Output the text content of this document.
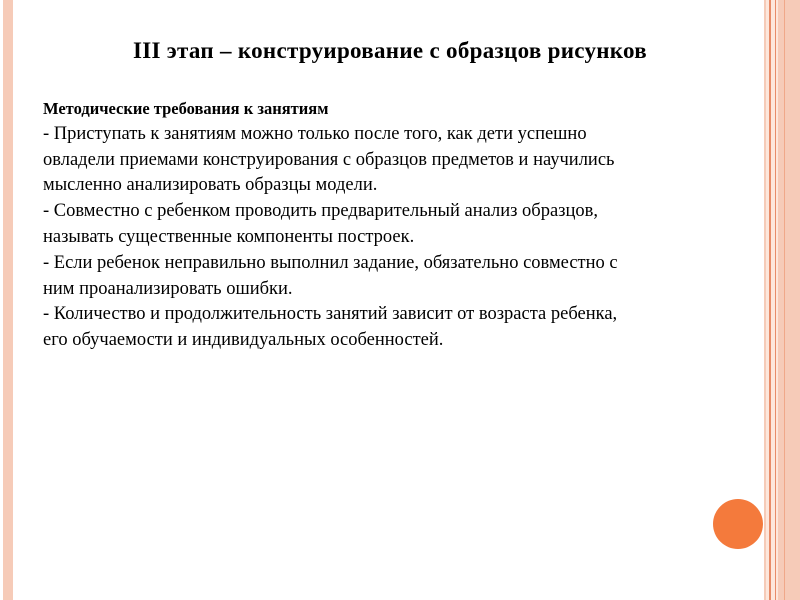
III этап – конструирование с образцов рисунков
Методические требования к занятиям
- Приступать к занятиям можно только после того, как дети успешно
овладели приемами конструирования с образцов предметов и научились
мысленно анализировать образцы модели.
- Совместно с ребенком проводить предварительный анализ образцов,
называть существенные компоненты построек.
- Если ребенок неправильно выполнил задание, обязательно совместно с
ним проанализировать ошибки.
- Количество и продолжительность занятий зависит от возраста ребенка,
его обучаемости и индивидуальных особенностей.
